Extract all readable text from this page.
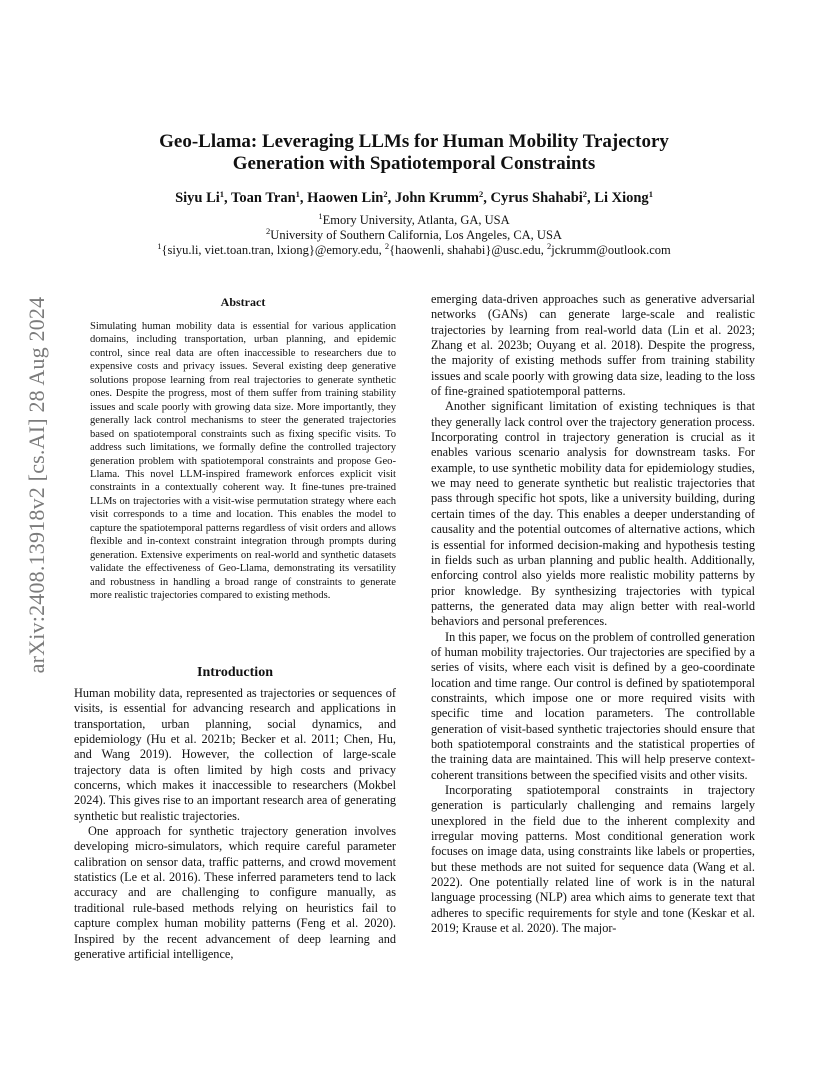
arXiv:2408.13918v2 [cs.AI] 28 Aug 2024
Geo-Llama: Leveraging LLMs for Human Mobility Trajectory
Generation with Spatiotemporal Constraints
Siyu Li$^1$, Toan Tran$^1$, Haowen Lin$^2$, John Krumm$^2$, Cyrus Shahabi$^2$, Li Xiong$^1$
$^1$Emory University, Atlanta, GA, USA
$^2$University of Southern California, Los Angeles, CA, USA
$^1${siyu.li, viet.toan.tran, lxiong}@emory.edu, $^2${haowenli, shahabi}@usc.edu, $^2$jckrumm@outlook.com
Abstract

Simulating human mobility data is essential for various application domains, including transportation, urban planning, and epidemic control, since real data are often inaccessible to researchers due to expensive costs and privacy issues. Several existing deep generative solutions propose learning from real trajectories to generate synthetic ones. Despite the progress, most of them suffer from training stability issues and scale poorly with growing data size. More importantly, they generally lack control mechanisms to steer the generated trajectories based on spatiotemporal constraints such as fixing specific visits. To address such limitations, we formally define the controlled trajectory generation problem with spatiotemporal constraints and propose Geo-Llama. This novel LLM-inspired framework enforces explicit visit constraints in a contextually coherent way. It fine-tunes pre-trained LLMs on trajectories with a visit-wise permutation strategy where each visit corresponds to a time and location. This enables the model to capture the spatiotemporal patterns regardless of visit orders and allows flexible and in-context constraint integration through prompts during generation. Extensive experiments on real-world and synthetic datasets validate the effectiveness of Geo-Llama, demonstrating its versatility and robustness in handling a broad range of constraints to generate more realistic trajectories compared to existing methods.

Introduction

Human mobility data, represented as trajectories or sequences of visits, is essential for advancing research and applications in transportation, urban planning, social dynamics, and epidemiology (Hu et al. 2021b; Becker et al. 2011; Chen, Hu, and Wang 2019). However, the collection of large-scale trajectory data is often limited by high costs and privacy concerns, which makes it inaccessible to researchers (Mokbel 2024). This gives rise to an important research area of generating synthetic but realistic trajectories.

One approach for synthetic trajectory generation involves developing micro-simulators, which require careful parameter calibration on sensor data, traffic patterns, and crowd movement statistics (Le et al. 2016). These inferred parameters tend to lack accuracy and are challenging to configure manually, as traditional rule-based methods relying on heuristics fail to capture complex human mobility patterns (Feng et al. 2020). Inspired by the recent advancement of deep learning and generative artificial intelligence,

emerging data-driven approaches such as generative adversarial networks (GANs) can generate large-scale and realistic trajectories by learning from real-world data (Lin et al. 2023; Zhang et al. 2023b; Ouyang et al. 2018). Despite the progress, the majority of existing methods suffer from training stability issues and scale poorly with growing data size, leading to the loss of fine-grained spatiotemporal patterns.

Another significant limitation of existing techniques is that they generally lack control over the trajectory generation process. Incorporating control in trajectory generation is crucial as it enables various scenario analysis for downstream tasks. For example, to use synthetic mobility data for epidemiology studies, we may need to generate synthetic but realistic trajectories that pass through specific hot spots, like a university building, during certain times of the day. This enables a deeper understanding of causality and the potential outcomes of alternative actions, which is essential for informed decision-making and hypothesis testing in fields such as urban planning and public health. Additionally, enforcing control also yields more realistic mobility patterns by prior knowledge. By synthesizing trajectories with typical patterns, the generated data may align better with real-world behaviors and personal preferences.

In this paper, we focus on the problem of controlled generation of human mobility trajectories. Our trajectories are specified by a series of visits, where each visit is defined by a geo-coordinate location and time range. Our control is defined by spatiotemporal constraints, which impose one or more required visits with specific time and location parameters. The controllable generation of visit-based synthetic trajectories should ensure that both spatiotemporal constraints and the statistical properties of the training data are maintained. This will help preserve context-coherent transitions between the specified visits and other visits.

Incorporating spatiotemporal constraints in trajectory generation is particularly challenging and remains largely unexplored in the field due to the inherent complexity and irregular moving patterns. Most conditional generation work focuses on image data, using constraints like labels or properties, but these methods are not suited for sequence data (Wang et al. 2022). One potentially related line of work is in the natural language processing (NLP) area which aims to generate text that adheres to specific requirements for style and tone (Keskar et al. 2019; Krause et al. 2020). The major-
